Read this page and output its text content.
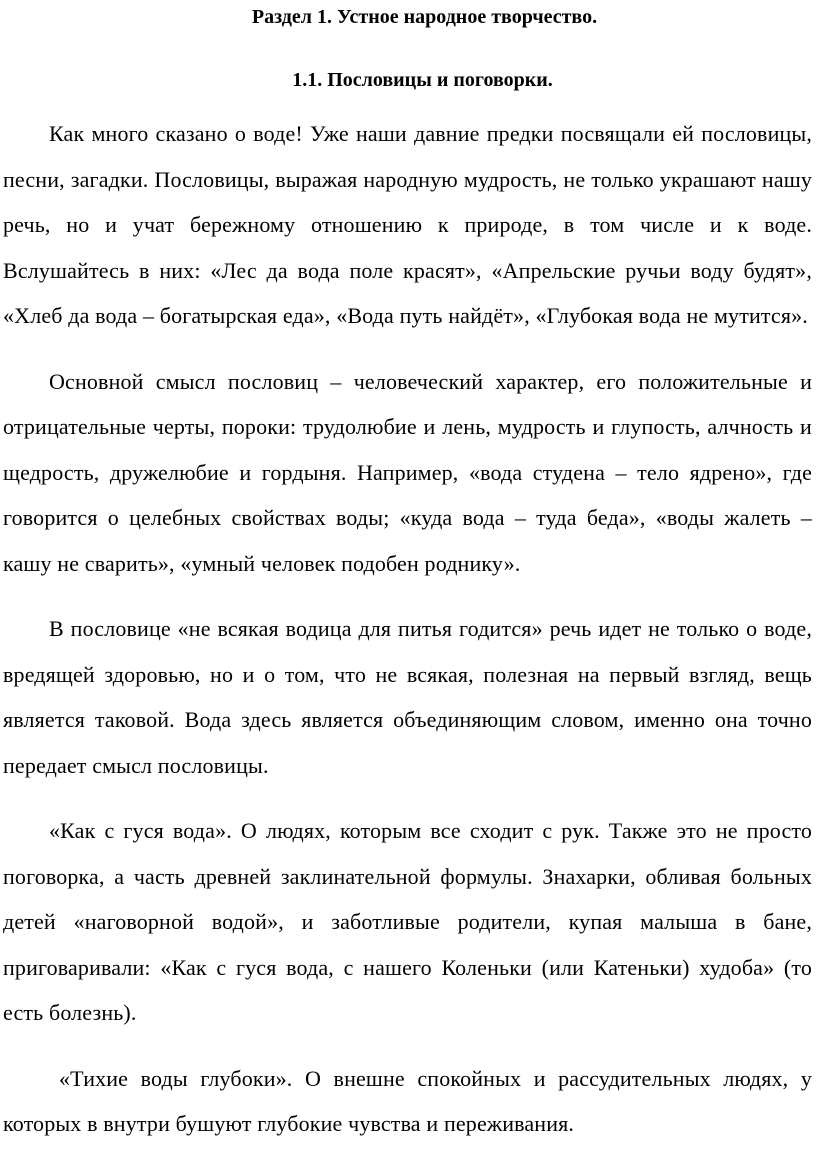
Раздел 1. Устное народное творчество.
1.1. Пословицы и поговорки.

Как много сказано о воде! Уже наши давние предки посвящали ей пословицы, песни, загадки. Пословицы, выражая народную мудрость, не только украшают нашу речь, но и учат бережному отношению к природе, в том числе и к воде. Вслушайтесь в них: «Лес да вода поле красят», «Апрельские ручьи воду будят», «Хлеб да вода – богатырская еда», «Вода путь найдёт», «Глубокая вода не мутится».

Основной смысл пословиц – человеческий характер, его положительные и отрицательные черты, пороки: трудолюбие и лень, мудрость и глупость, алчность и щедрость, дружелюбие и гордыня. Например, «вода студена – тело ядрено», где говорится о целебных свойствах воды; «куда вода – туда беда», «воды жалеть – кашу не сварить», «умный человек подобен роднику».

В пословице «не всякая водица для питья годится» речь идет не только о воде, вредящей здоровью, но и о том, что не всякая, полезная на первый взгляд, вещь является таковой. Вода здесь является объединяющим словом, именно она точно передает смысл пословицы.

«Как с гуся вода». О людях, которым все сходит с рук. Также это не просто поговорка, а часть древней заклинательной формулы. Знахарки, обливая больных детей «наговорной водой», и заботливые родители, купая малыша в бане, приговаривали: «Как с гуся вода, с нашего Коленьки (или Катеньки) худоба» (то есть болезнь).

«Тихие воды глубоки». О внешне спокойных и рассудительных людях, у которых в внутри бушуют глубокие чувства и переживания.
